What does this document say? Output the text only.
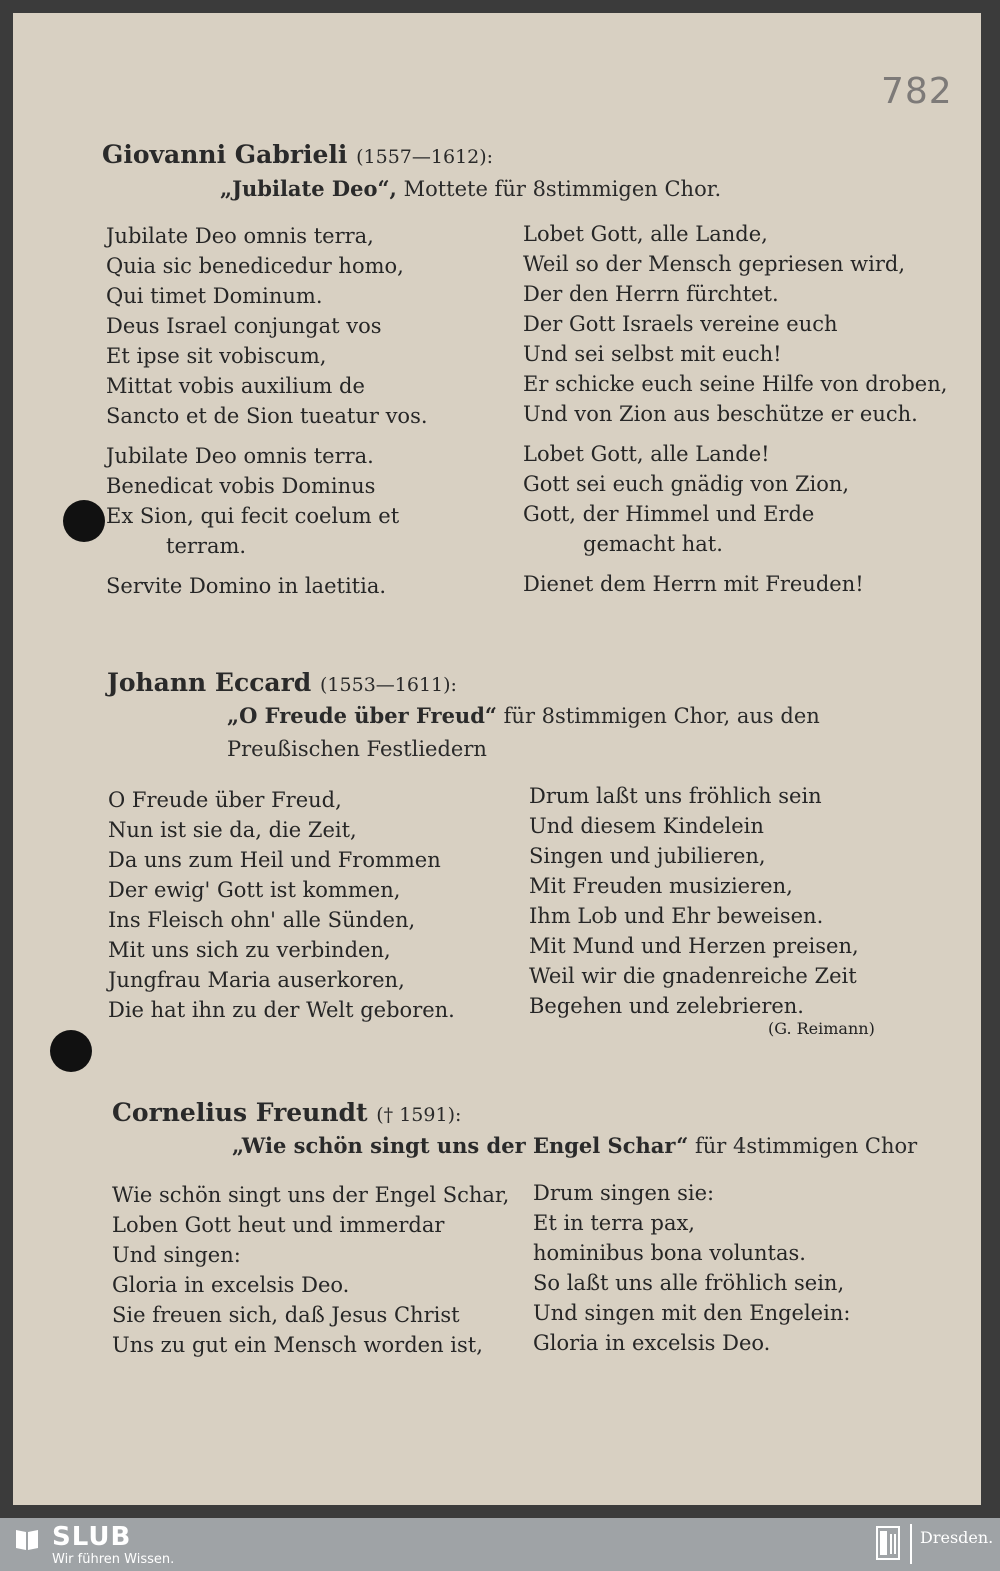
782
Giovanni Gabrieli (1557—1612):
„Jubilate Deo“, Mottete für 8stimmigen Chor.
Jubilate Deo omnis terra,
Quia sic benedicedur homo,
Qui timet Dominum.
Deus Israel conjungat vos
Et ipse sit vobiscum,
Mittat vobis auxilium de
Sancto et de Sion tueatur vos.
Jubilate Deo omnis terra.
Benedicat vobis Dominus
Ex Sion, qui fecit coelum et
terram.
Servite Domino in laetitia.
Lobet Gott, alle Lande,
Weil so der Mensch gepriesen wird,
Der den Herrn fürchtet.
Der Gott Israels vereine euch
Und sei selbst mit euch!
Er schicke euch seine Hilfe von droben,
Und von Zion aus beschütze er euch.
Lobet Gott, alle Lande!
Gott sei euch gnädig von Zion,
Gott, der Himmel und Erde
gemacht hat.
Dienet dem Herrn mit Freuden!
Johann Eccard (1553—1611):
„O Freude über Freud“ für 8stimmigen Chor, aus den
Preußischen Festliedern
O Freude über Freud,
Nun ist sie da, die Zeit,
Da uns zum Heil und Frommen
Der ewig' Gott ist kommen,
Ins Fleisch ohn' alle Sünden,
Mit uns sich zu verbinden,
Jungfrau Maria auserkoren,
Die hat ihn zu der Welt geboren.
Drum laßt uns fröhlich sein
Und diesem Kindelein
Singen und jubilieren,
Mit Freuden musizieren,
Ihm Lob und Ehr beweisen.
Mit Mund und Herzen preisen,
Weil wir die gnadenreiche Zeit
Begehen und zelebrieren.
(G. Reimann)
Cornelius Freundt († 1591):
„Wie schön singt uns der Engel Schar“ für 4stimmigen Chor
Wie schön singt uns der Engel Schar,
Loben Gott heut und immerdar
Und singen:
Gloria in excelsis Deo.
Sie freuen sich, daß Jesus Christ
Uns zu gut ein Mensch worden ist,
Drum singen sie:
Et in terra pax,
hominibus bona voluntas.
So laßt uns alle fröhlich sein,
Und singen mit den Engelein:
Gloria in excelsis Deo.
SLUB
Wir führen Wissen.
Dresden.
